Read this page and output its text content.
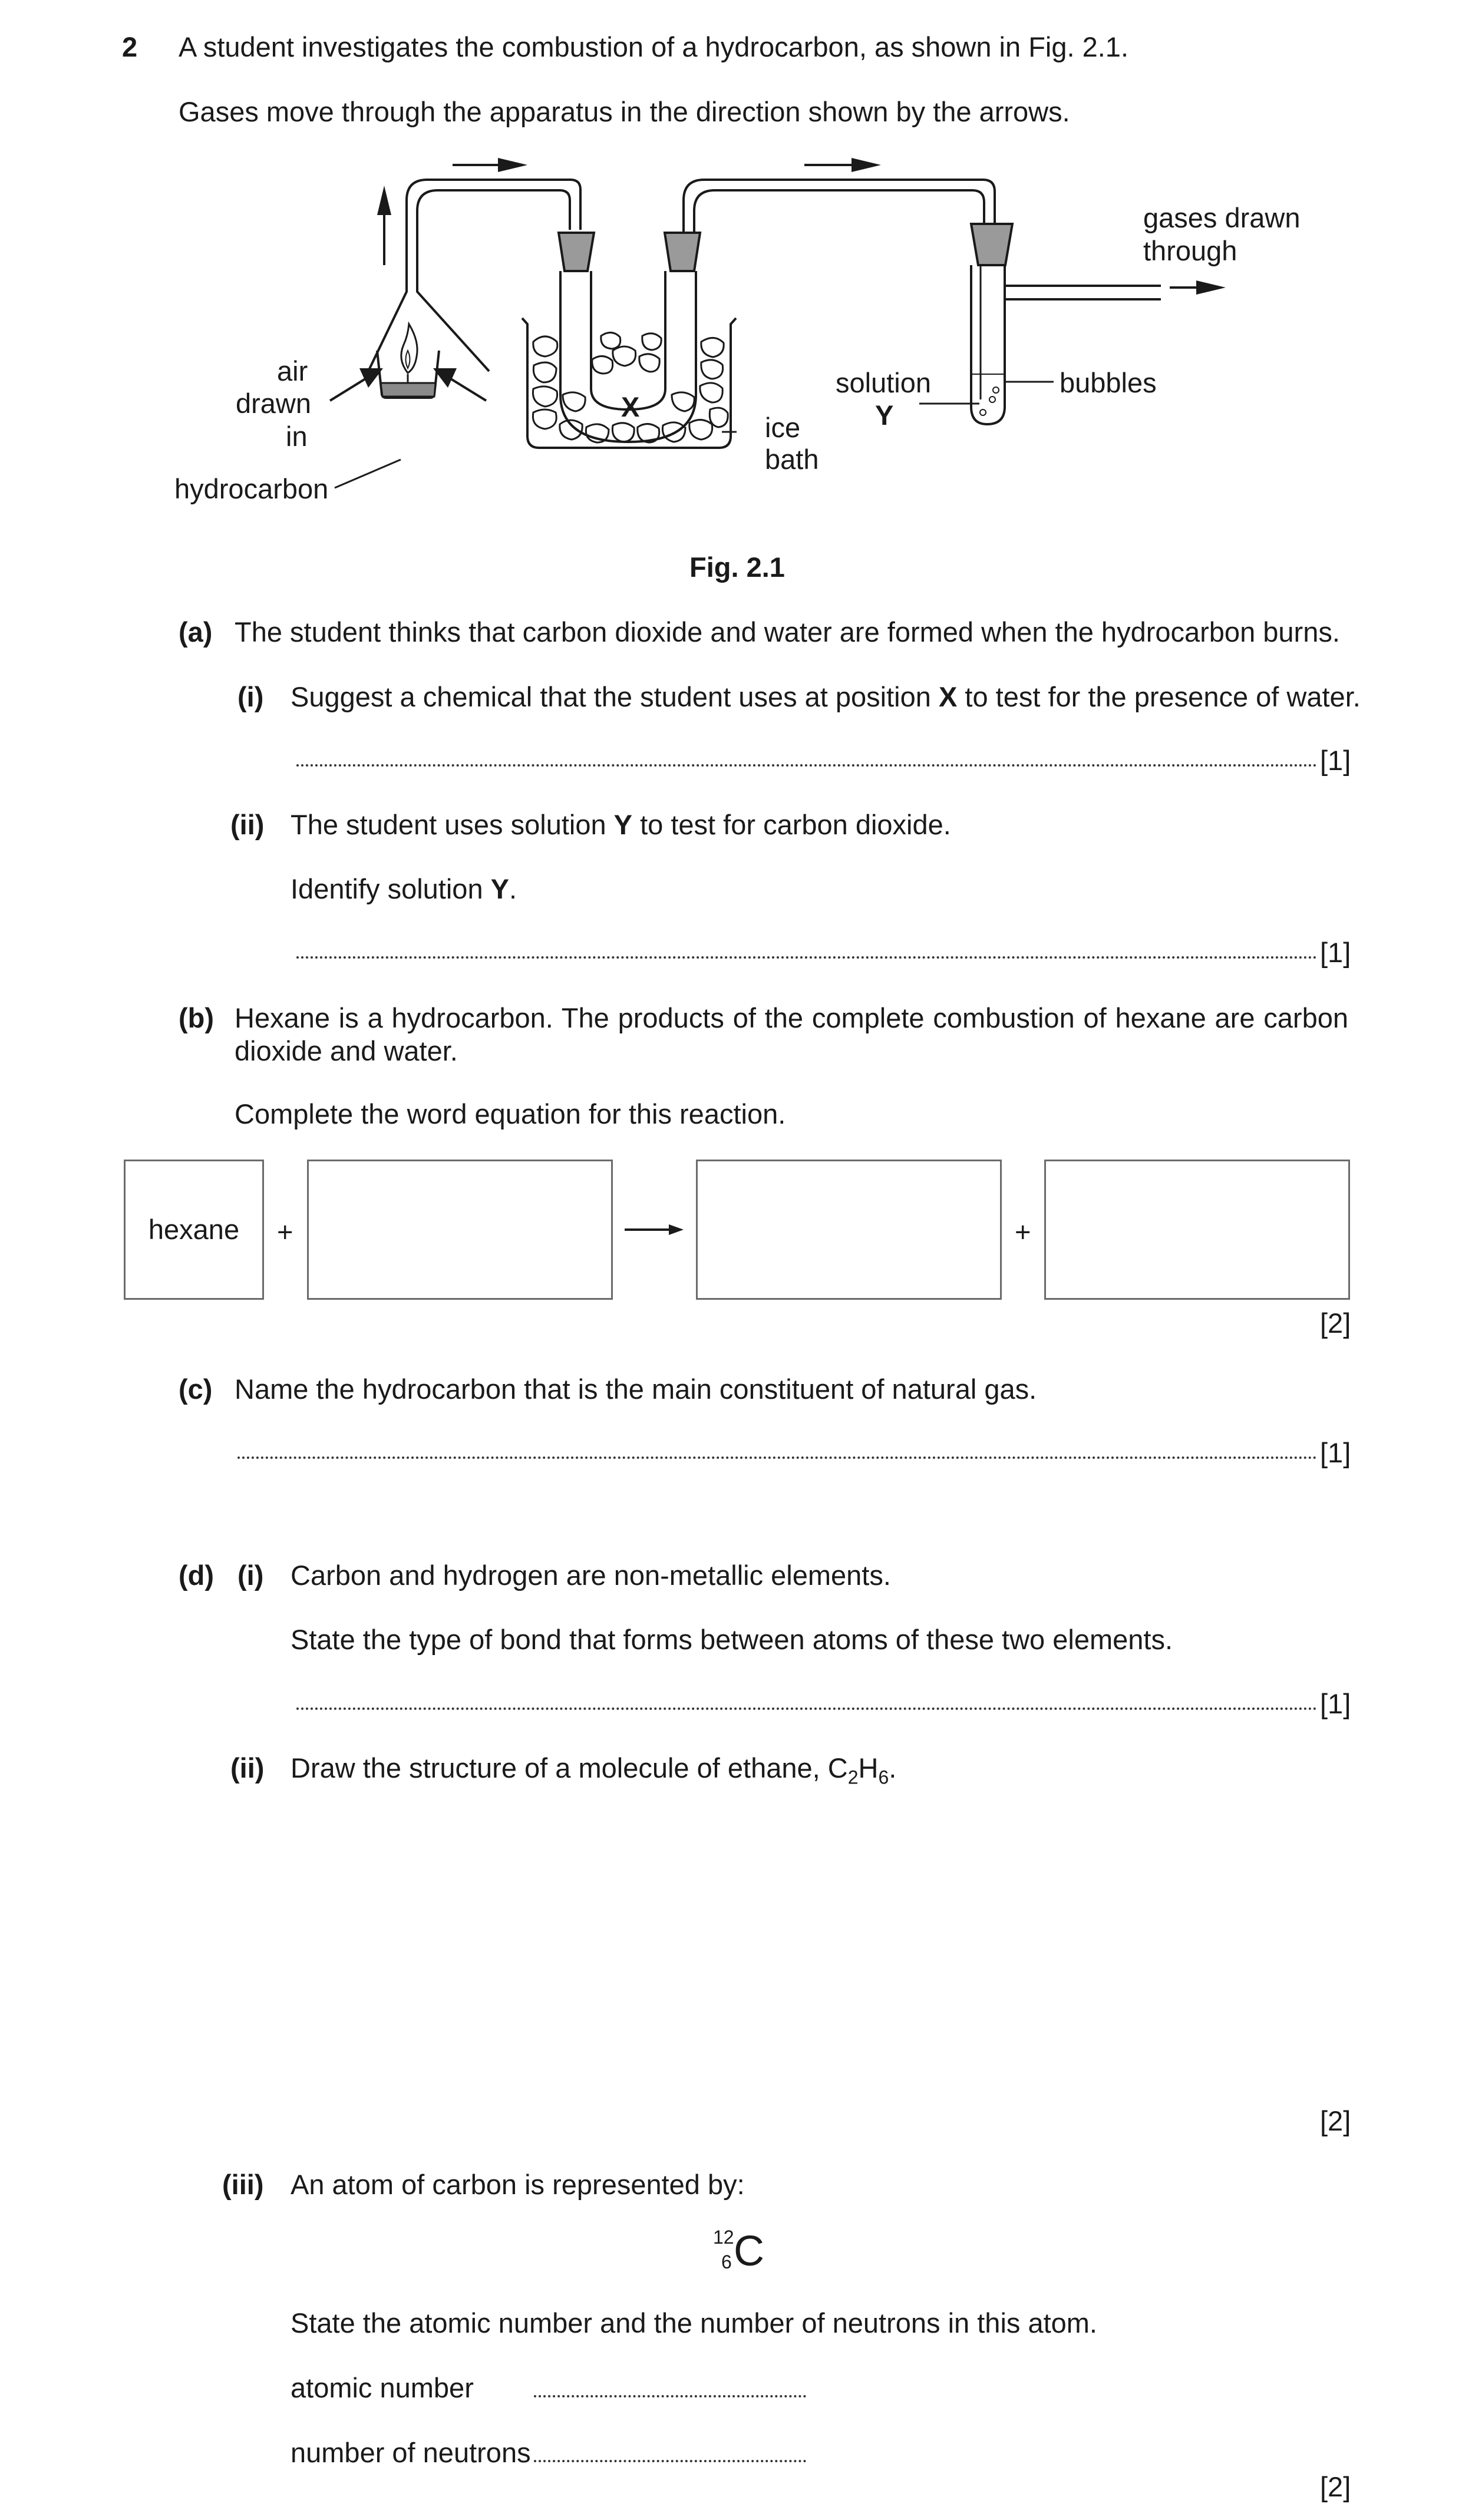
2 A student investigates the combustion of a hydrocarbon, as shown in Fig. 2.1.
Gases move through the apparatus in the direction shown by the arrows.
gases drawn
through
air
drawn
in
hydrocarbon
X
ice
bath
solution
Y
bubbles
Fig. 2.1
(a) The student thinks that carbon dioxide and water are formed when the hydrocarbon burns.
(i) Suggest a chemical that the student uses at position X to test for the presence of water.
[1]
(ii) The student uses solution Y to test for carbon dioxide.
Identify solution Y.
[1]
(b) Hexane is a hydrocarbon. The products of the complete combustion of hexane are carbon dioxide and water.
Complete the word equation for this reaction.
hexane +	+
[2]
(c) Name the hydrocarbon that is the main constituent of natural gas.
[1]
(d) (i) Carbon and hydrogen are non-metallic elements.
State the type of bond that forms between atoms of these two elements.
[1]
(ii) Draw the structure of a molecule of ethane, $C_2H_6$.
[2]
(iii) An atom of carbon is represented by:
12
6 C
State the atomic number and the number of neutrons in this atom.
atomic number
number of neutrons
[2]
